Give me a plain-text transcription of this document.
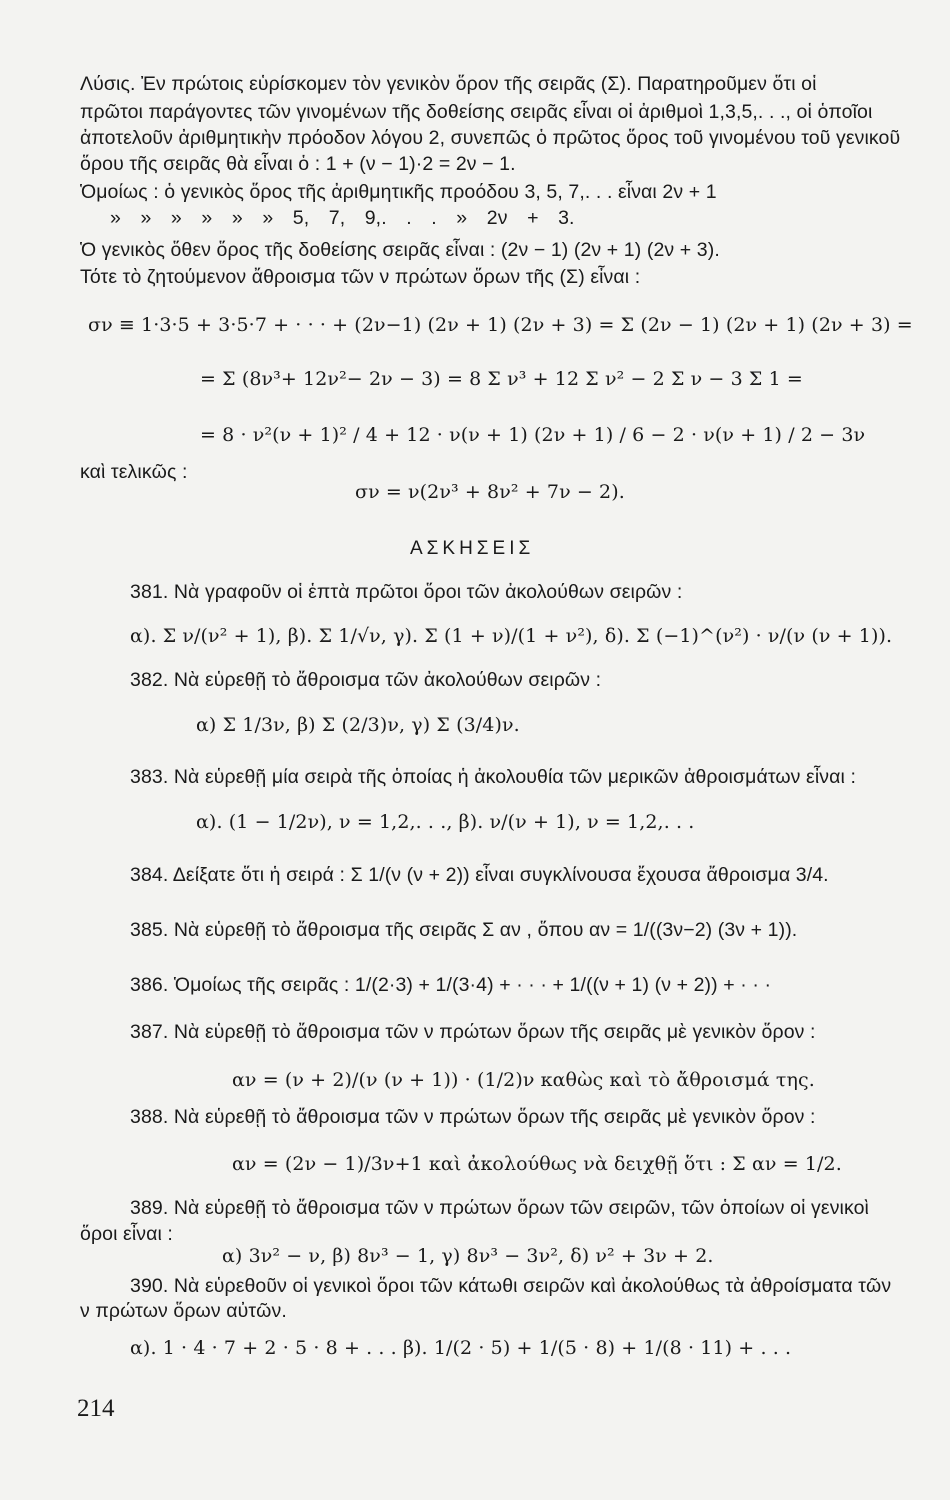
Λύσις. Ἐν πρώτοις εὑρίσκομεν τὸν γενικὸν ὅρον τῆς σειρᾶς (Σ). Παρατηροῦμεν ὅτι οἱ
πρῶτοι παράγοντες τῶν γινομένων τῆς δοθείσης σειρᾶς εἶναι οἱ ἀριθμοὶ 1,3,5,. . ., οἱ ὁποῖοι
ἀποτελοῦν ἀριθμητικὴν πρόοδον λόγου 2, συνεπῶς ὁ πρῶτος ὅρος τοῦ γινομένου τοῦ γενικοῦ
ὅρου τῆς σειρᾶς θὰ εἶναι ὁ : 1 + (ν − 1)·2 = 2ν − 1.
Ὁμοίως : ὁ γενικὸς ὅρος τῆς ἀριθμητικῆς προόδου 3, 5, 7,. . . εἶναι 2ν + 1
» » » » » » 5, 7, 9,. . . » 2ν + 3.
Ὁ γενικὸς ὅθεν ὅρος τῆς δοθείσης σειρᾶς εἶναι : (2ν − 1) (2ν + 1) (2ν + 3).
Τότε τὸ ζητούμενον ἄθροισμα τῶν ν πρώτων ὅρων τῆς (Σ) εἶναι :
σν ≡ 1·3·5 + 3·5·7 + · · · + (2ν−1) (2ν + 1) (2ν + 3) = Σ (2ν − 1) (2ν + 1) (2ν + 3) =
= Σ (8ν³+ 12ν²− 2ν − 3) = 8 Σ ν³ + 12 Σ ν² − 2 Σ ν − 3 Σ 1 =
= 8 · ν²(ν + 1)² / 4 + 12 · ν(ν + 1) (2ν + 1) / 6 − 2 · ν(ν + 1) / 2 − 3ν
καὶ τελικῶς :
σν = ν(2ν³ + 8ν² + 7ν − 2).
ΑΣΚΗΣΕΙΣ
381. Νὰ γραφοῦν οἱ ἑπτὰ πρῶτοι ὅροι τῶν ἀκολούθων σειρῶν :
α). Σ ν/(ν² + 1), β). Σ 1/√ν, γ). Σ (1 + ν)/(1 + ν²), δ). Σ (−1)^(ν²) · ν/(ν (ν + 1)).
382. Νὰ εὑρεθῇ τὸ ἄθροισμα τῶν ἀκολούθων σειρῶν :
α) Σ 1/3ν, β) Σ (2/3)ν, γ) Σ (3/4)ν.
383. Νὰ εὑρεθῇ μία σειρὰ τῆς ὁποίας ἡ ἀκολουθία τῶν μερικῶν ἀθροισμάτων εἶναι :
α). (1 − 1/2ν), ν = 1,2,. . ., β). ν/(ν + 1), ν = 1,2,. . .
384. Δείξατε ὅτι ἡ σειρά : Σ 1/(ν (ν + 2)) εἶναι συγκλίνουσα ἔχουσα ἄθροισμα 3/4.
385. Νὰ εὑρεθῇ τὸ ἄθροισμα τῆς σειρᾶς Σ αν , ὅπου αν = 1/((3ν−2) (3ν + 1)).
386. Ὁμοίως τῆς σειρᾶς : 1/(2·3) + 1/(3·4) + · · · + 1/((ν + 1) (ν + 2)) + · · ·
387. Νὰ εὑρεθῇ τὸ ἄθροισμα τῶν ν πρώτων ὅρων τῆς σειρᾶς μὲ γενικὸν ὅρον :
αν = (ν + 2)/(ν (ν + 1)) · (1/2)ν καθὼς καὶ τὸ ἄθροισμά της.
388. Νὰ εὑρεθῇ τὸ ἄθροισμα τῶν ν πρώτων ὅρων τῆς σειρᾶς μὲ γενικὸν ὅρον :
αν = (2ν − 1)/3ν+1 καὶ ἀκολούθως νὰ δειχθῇ ὅτι : Σ αν = 1/2.
389. Νὰ εὑρεθῇ τὸ ἄθροισμα τῶν ν πρώτων ὅρων τῶν σειρῶν, τῶν ὁποίων οἱ γενικοὶ
ὅροι εἶναι :
α) 3ν² − ν, β) 8ν³ − 1, γ) 8ν³ − 3ν², δ) ν² + 3ν + 2.
390. Νὰ εὑρεθοῦν οἱ γενικοὶ ὅροι τῶν κάτωθι σειρῶν καὶ ἀκολούθως τὰ ἀθροίσματα τῶν
ν πρώτων ὅρων αὐτῶν.
α). 1 · 4 · 7 + 2 · 5 · 8 + . . . β). 1/(2 · 5) + 1/(5 · 8) + 1/(8 · 11) + . . .
214
